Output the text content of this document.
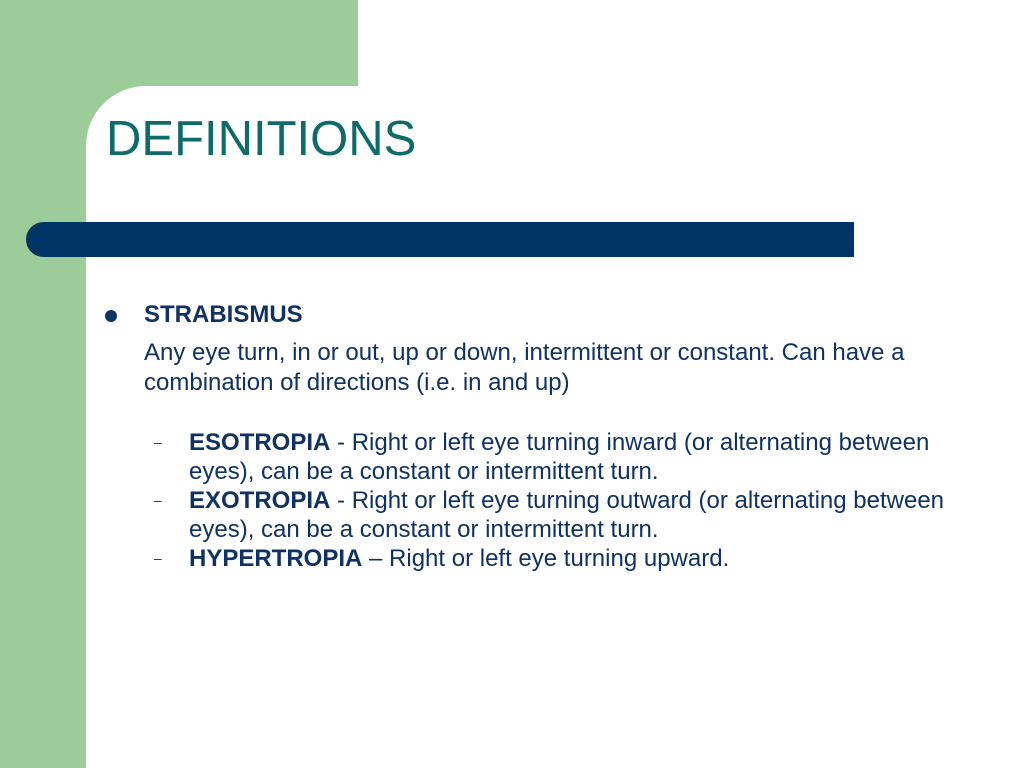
DEFINITIONS
STRABISMUS
Any eye turn, in or out, up or down, intermittent or constant. Can have a combination of directions (i.e. in and up)
– ESOTROPIA - Right or left eye turning inward (or alternating between eyes), can be a constant or intermittent turn.
– EXOTROPIA - Right or left eye turning outward (or alternating between eyes), can be a constant or intermittent turn.
– HYPERTROPIA – Right or left eye turning upward.
